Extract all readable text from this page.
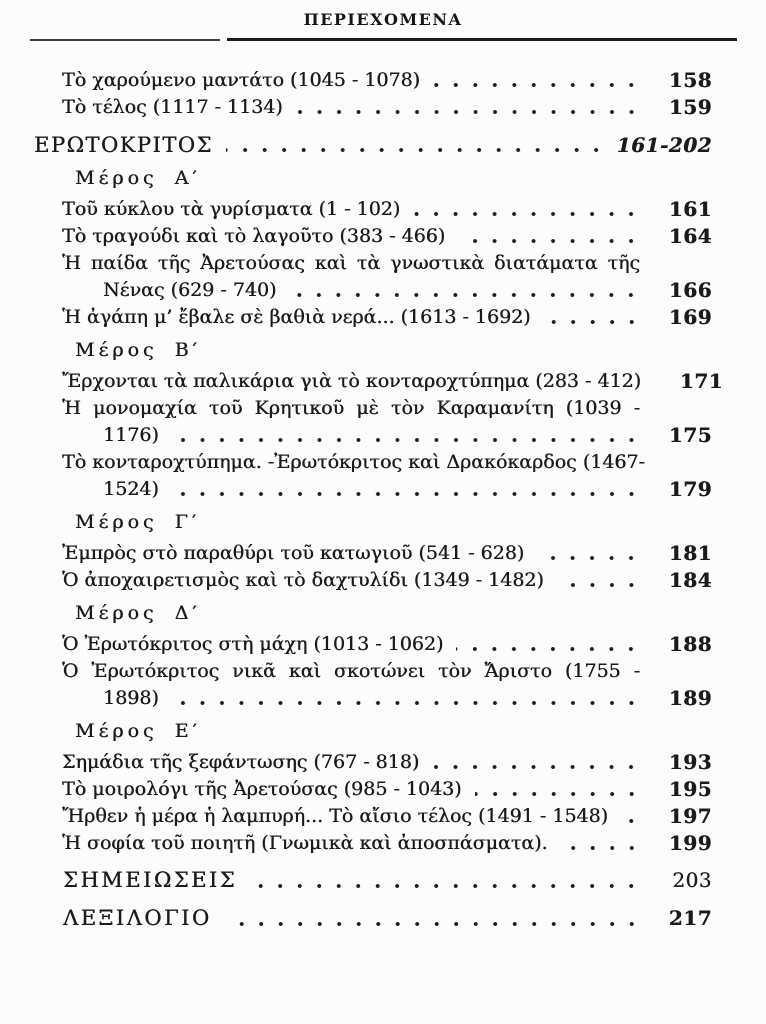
ΠΕΡΙΕΧΟΜΕΝΑ
Τὸ χαρούμενο μαντάτο (1045 - 1078)	158
Τὸ τέλος (1117 - 1134)	159
ΕΡΩΤΟΚΡΙΤΟΣ	161-202
Μέρος Α′
Τοῦ κύκλου τὰ γυρίσματα (1 - 102)	161
Τὸ τραγούδι καὶ τὸ λαγοῦτο (383 - 466)	164
Ἡ παίδα τῆς Ἀρετούσας καὶ τὰ γνωστικὰ διατάματα τῆς
Νένας (629 - 740)	166
Ἡ ἀγάπη μ’ ἔβαλε σὲ βαθιὰ νερά... (1613 - 1692)	169
Μέρος Β′
Ἔρχονται τὰ παλικάρια γιὰ τὸ κονταροχτύπημα (283 - 412)	171
Ἡ μονομαχία τοῦ Κρητικοῦ μὲ τὸν Καραμανίτη (1039 -
1176)	175
Τὸ κονταροχτύπημα. -Ἐρωτόκριτος καὶ Δρακόκαρδος (1467-
1524)	179
Μέρος Γ′
Ἐμπρὸς στὸ παραθύρι τοῦ κατωγιοῦ (541 - 628)	181
Ὁ ἀποχαιρετισμὸς καὶ τὸ δαχτυλίδι (1349 - 1482)	184
Μέρος Δ′
Ὁ Ἐρωτόκριτος στὴ μάχη (1013 - 1062)	188
Ὁ Ἐρωτόκριτος νικᾶ καὶ σκοτώνει τὸν Ἄριστο (1755 -
1898)	189
Μέρος Ε′
Σημάδια τῆς ξεφάντωσης (767 - 818)	193
Τὸ μοιρολόγι τῆς Ἀρετούσας (985 - 1043)	195
Ἤρθεν ἡ μέρα ἡ λαμπυρή... Τὸ αἴσιο τέλος (1491 - 1548)	197
Ἡ σοφία τοῦ ποιητῆ (Γνωμικὰ καὶ ἀποσπάσματα).	199
ΣΗΜΕΙΩΣΕΙΣ	203
ΛΕΞΙΛΟΓΙΟ	217
